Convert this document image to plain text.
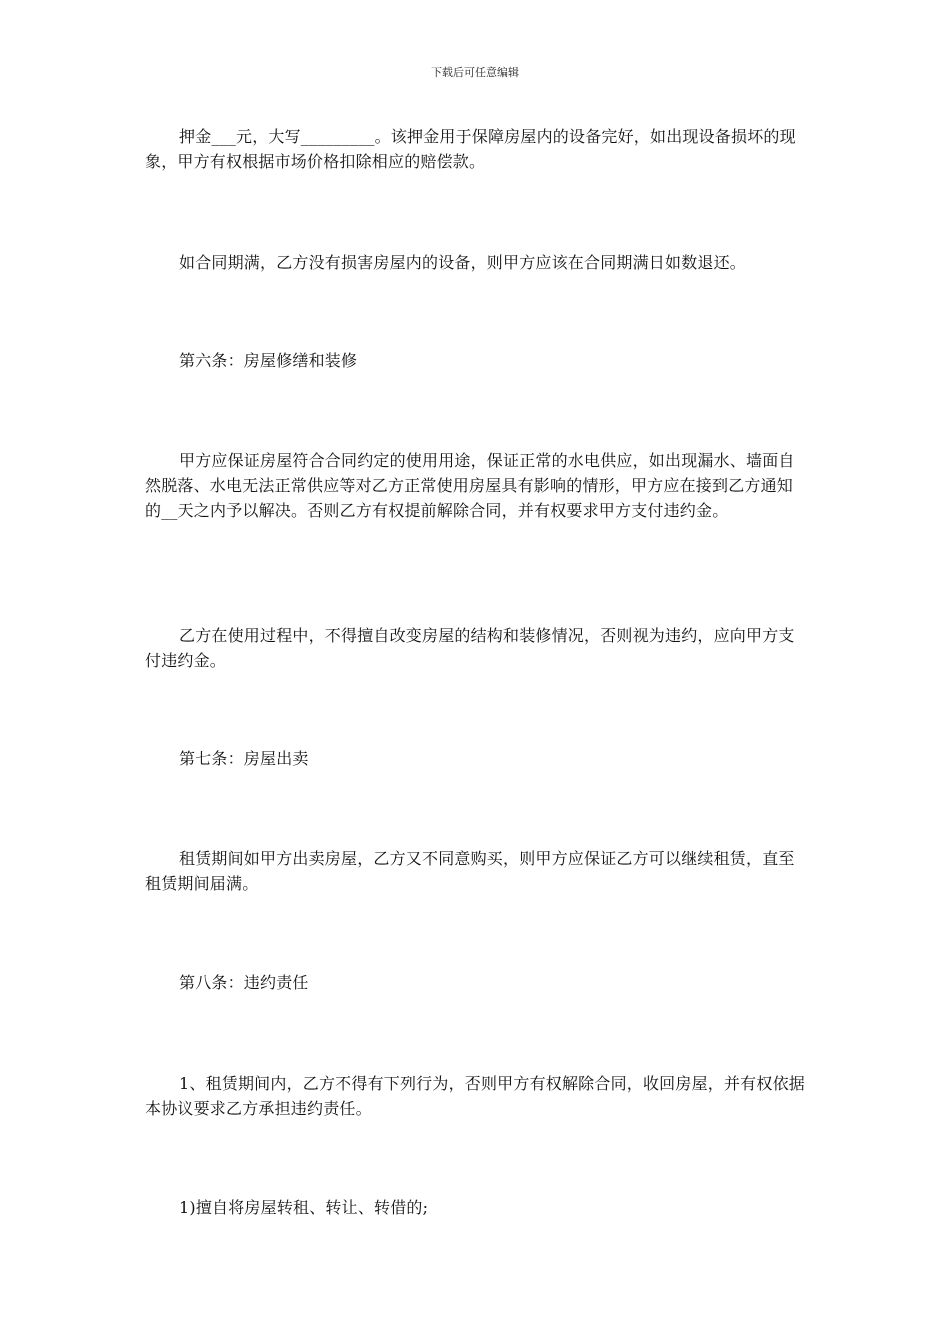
下载后可任意编辑

押金___元，大写_________。该押金用于保障房屋内的设备完好，如出现设备损坏的现象，甲方有权根据市场价格扣除相应的赔偿款。

如合同期满，乙方没有损害房屋内的设备，则甲方应该在合同期满日如数退还。

第六条：房屋修缮和装修

甲方应保证房屋符合合同约定的使用用途，保证正常的水电供应，如出现漏水、墙面自然脱落、水电无法正常供应等对乙方正常使用房屋具有影响的情形，甲方应在接到乙方通知的__天之内予以解决。否则乙方有权提前解除合同，并有权要求甲方支付违约金。

乙方在使用过程中，不得擅自改变房屋的结构和装修情况，否则视为违约，应向甲方支付违约金。

第七条：房屋出卖

租赁期间如甲方出卖房屋，乙方又不同意购买，则甲方应保证乙方可以继续租赁，直至租赁期间届满。

第八条：违约责任

1、租赁期间内，乙方不得有下列行为，否则甲方有权解除合同，收回房屋，并有权依据本协议要求乙方承担违约责任。

1)擅自将房屋转租、转让、转借的;
